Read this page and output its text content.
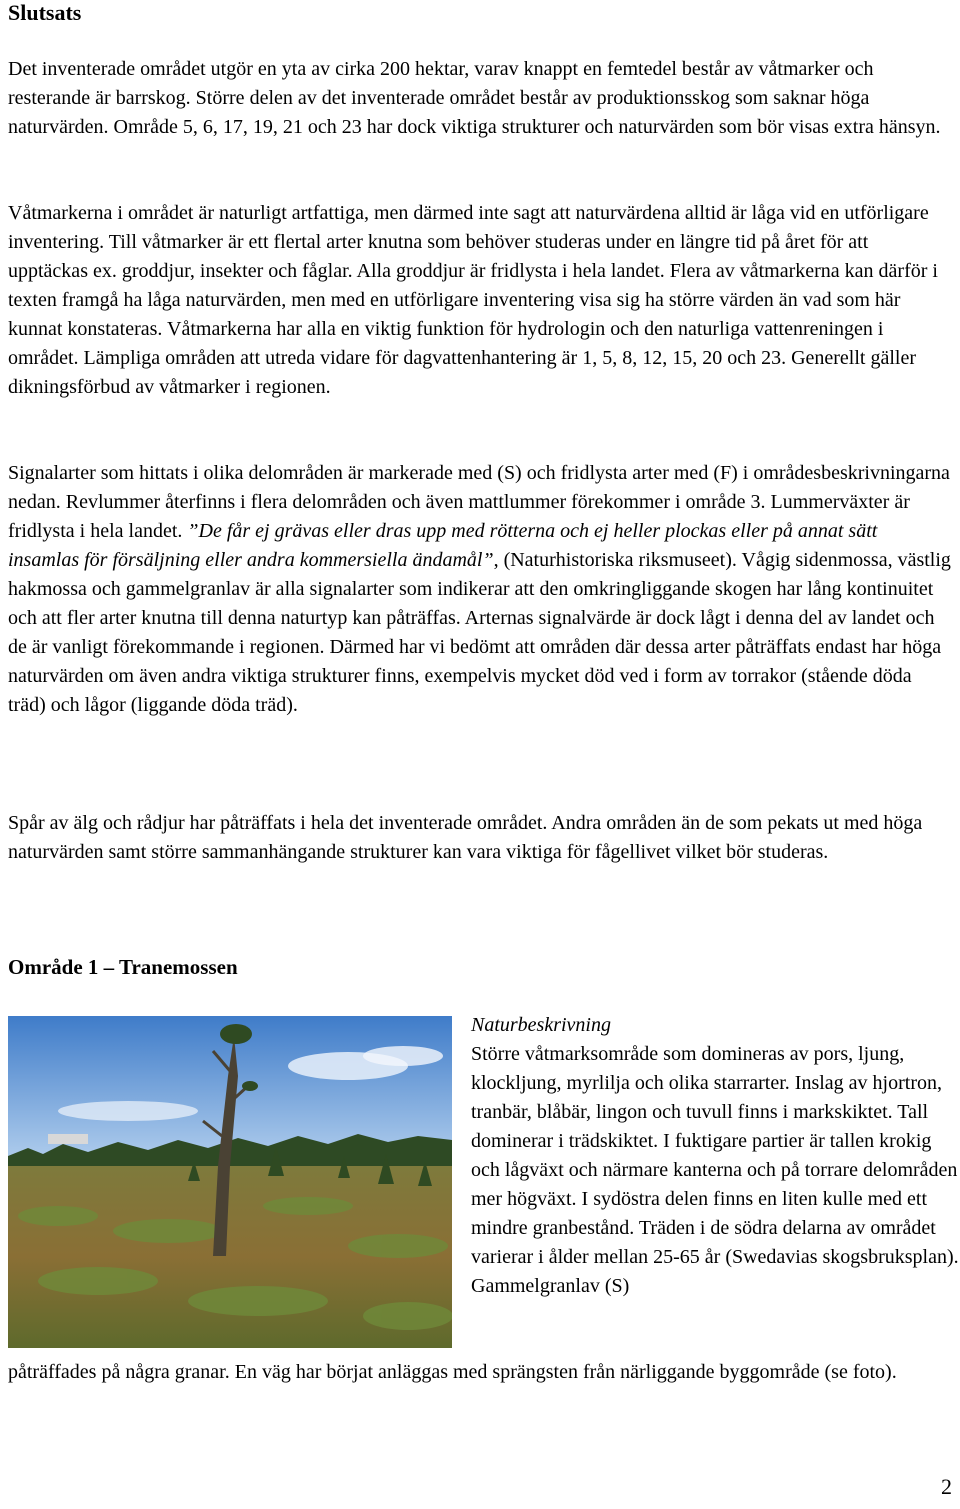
Slutsats

Det inventerade området utgör en yta av cirka 200 hektar, varav knappt en femtedel består av våtmarker och resterande är barrskog. Större delen av det inventerade området består av produktionsskog som saknar höga naturvärden. Område 5, 6, 17, 19, 21 och 23 har dock viktiga strukturer och naturvärden som bör visas extra hänsyn.

Våtmarkerna i området är naturligt artfattiga, men därmed inte sagt att naturvärdena alltid är låga vid en utförligare inventering. Till våtmarker är ett flertal arter knutna som behöver studeras under en längre tid på året för att upptäckas ex. groddjur, insekter och fåglar. Alla groddjur är fridlysta i hela landet. Flera av våtmarkerna kan därför i texten framgå ha låga naturvärden, men med en utförligare inventering visa sig ha större värden än vad som här kunnat konstateras. Våtmarkerna har alla en viktig funktion för hydrologin och den naturliga vattenreningen i området. Lämpliga områden att utreda vidare för dagvattenhantering är 1, 5, 8, 12, 15, 20 och 23. Generellt gäller dikningsförbud av våtmarker i regionen.

Signalarter som hittats i olika delområden är markerade med (S) och fridlysta arter med (F) i områdesbeskrivningarna nedan. Revlummer återfinns i flera delområden och även mattlummer förekommer i område 3. Lummerväxter är fridlysta i hela landet. ”De får ej grävas eller dras upp med rötterna och ej heller plockas eller på annat sätt insamlas för försäljning eller andra kommersiella ändamål”, (Naturhistoriska riksmuseet). Vågig sidenmossa, västlig hakmossa och gammelgranlav är alla signalarter som indikerar att den omkringliggande skogen har lång kontinuitet och att fler arter knutna till denna naturtyp kan påträffas. Arternas signalvärde är dock lågt i denna del av landet och de är vanligt förekommande i regionen. Därmed har vi bedömt att områden där dessa arter påträffats endast har höga naturvärden om även andra viktiga strukturer finns, exempelvis mycket död ved i form av torrakor (stående döda träd) och lågor (liggande döda träd).

Spår av älg och rådjur har påträffats i hela det inventerade området. Andra områden än de som pekats ut med höga naturvärden samt större sammanhängande strukturer kan vara viktiga för fågellivet vilket bör studeras.

Område 1 – Tranemossen
Naturbeskrivning
Större våtmarksområde som domineras av pors, ljung, klockljung, myrlilja och olika starrarter. Inslag av hjortron, tranbär, blåbär, lingon och tuvull finns i markskiktet. Tall dominerar i trädskiktet. I fuktigare partier är tallen krokig och lågväxt och närmare kanterna och på torrare delområden mer högväxt. I sydöstra delen finns en liten kulle med ett mindre granbestånd. Träden i de södra delarna av området varierar i ålder mellan 25-65 år (Swedavias skogsbruksplan). Gammelgranlav (S)
påträffades på några granar. En väg har börjat anläggas med sprängsten från närliggande byggområde (se foto).
2
